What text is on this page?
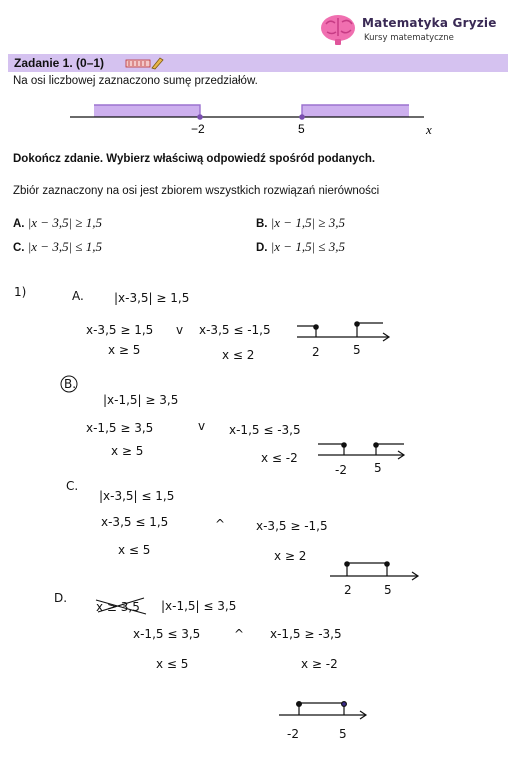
Matematyka Gryzie
Kursy matematyczne
Zadanie 1. (0–1)
Na osi liczbowej zaznaczono sumę przedziałów.
−2	5	x
Dokończ zdanie. Wybierz właściwą odpowiedź spośród podanych.
Zbiór zaznaczony na osi jest zbiorem wszystkich rozwiązań nierówności
A. |x − 3,5| ≥ 1,5	B. |x − 1,5| ≥ 3,5
C. |x − 3,5| ≤ 1,5	D. |x − 1,5| ≤ 3,5
1)	A.	|x-3,5| ≥ 1,5
x-3,5 ≥ 1,5 v x-3,5 ≤ -1,5
x ≥ 5	x ≤ 2	2	5
B.
|x-1,5| ≥ 3,5
x-1,5 ≥ 3,5	v x-1,5 ≤ -3,5
x ≥ 5	x ≤ -2
-2 5
C.
|x-3,5| ≤ 1,5
x-3,5 ≤ 1,5	^	x-3,5 ≥ -1,5
x ≤ 5	x ≥ 2
2	5
D.
x ≥ 3,5 |x-1,5| ≤ 3,5
x-1,5 ≤ 3,5	^ x-1,5 ≥ -3,5
x ≤ 5	x ≥ -2
-2	5
